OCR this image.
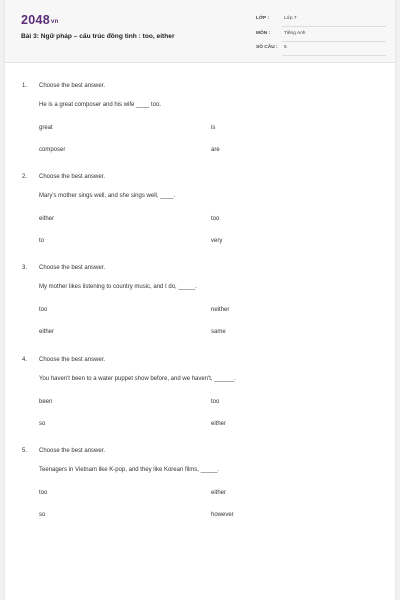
2048vn
Bài 3: Ngữ pháp – cấu trúc đồng tình : too, either
LỚP :	Lớp 7
MÔN :	Tiếng Anh
SỐ CÂU : 5
1. Choose the best answer.
He is a great composer and his wife ____ too.
great	is
composer	are
2. Choose the best answer.
Mary's mother sings well, and she sings well, ____.
either	too
to	very
3. Choose the best answer.
My mother likes listening to country music, and I do, _____.
too	neither
either	same
4. Choose the best answer.
You haven't been to a water puppet show before, and we haven't, ______.
been	too
so	either
5. Choose the best answer.
Teenagers in Vietnam like K-pop, and they like Korean films, _____.
too	either
so	however
